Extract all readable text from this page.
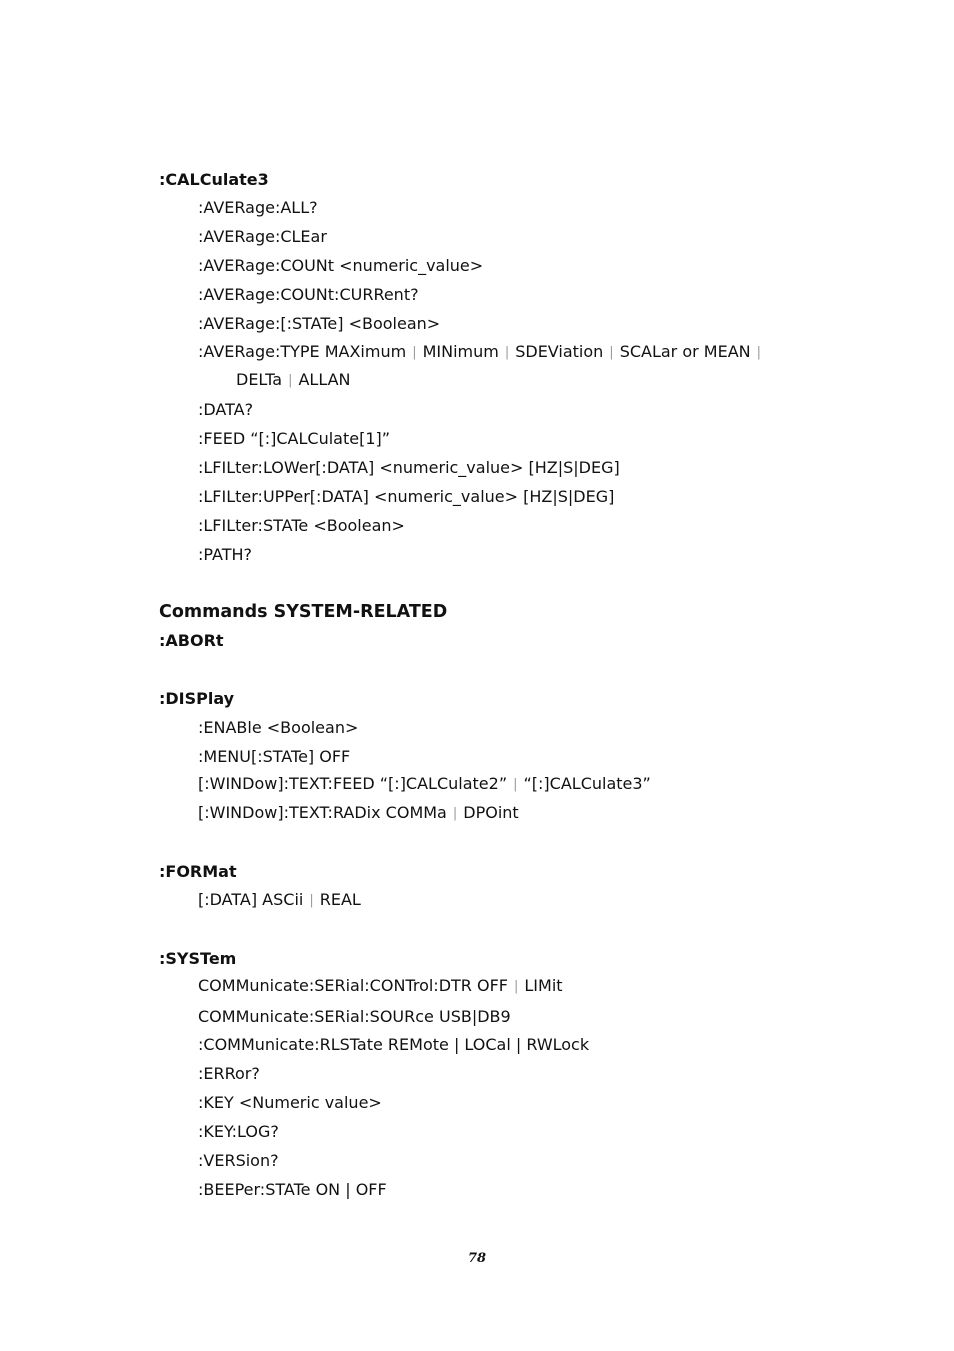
:CALCulate3
:AVERage:ALL?
:AVERage:CLEar
:AVERage:COUNt <numeric_value>
:AVERage:COUNt:CURRent?
:AVERage:[:STATe] <Boolean>
:AVERage:TYPE MAXimum | MINimum | SDEViation | SCALar or MEAN |
DELTa | ALLAN
:DATA?
:FEED “[:]CALCulate[1]”
:LFILter:LOWer[:DATA] <numeric_value> [HZ|S|DEG]
:LFILter:UPPer[:DATA] <numeric_value> [HZ|S|DEG]
:LFILter:STATe <Boolean>
:PATH?
Commands SYSTEM-RELATED
:ABORt
:DISPlay
:ENABle <Boolean>
:MENU[:STATe] OFF
[:WINDow]:TEXT:FEED “[:]CALCulate2” | “[:]CALCulate3”
[:WINDow]:TEXT:RADix COMMa | DPOint
:FORMat
[:DATA] ASCii | REAL
:SYSTem
COMMunicate:SERial:CONTrol:DTR OFF | LIMit
COMMunicate:SERial:SOURce USB|DB9
:COMMunicate:RLSTate REMote | LOCal | RWLock
:ERRor?
:KEY <Numeric value>
:KEY:LOG?
:VERSion?
:BEEPer:STATe ON | OFF
78
